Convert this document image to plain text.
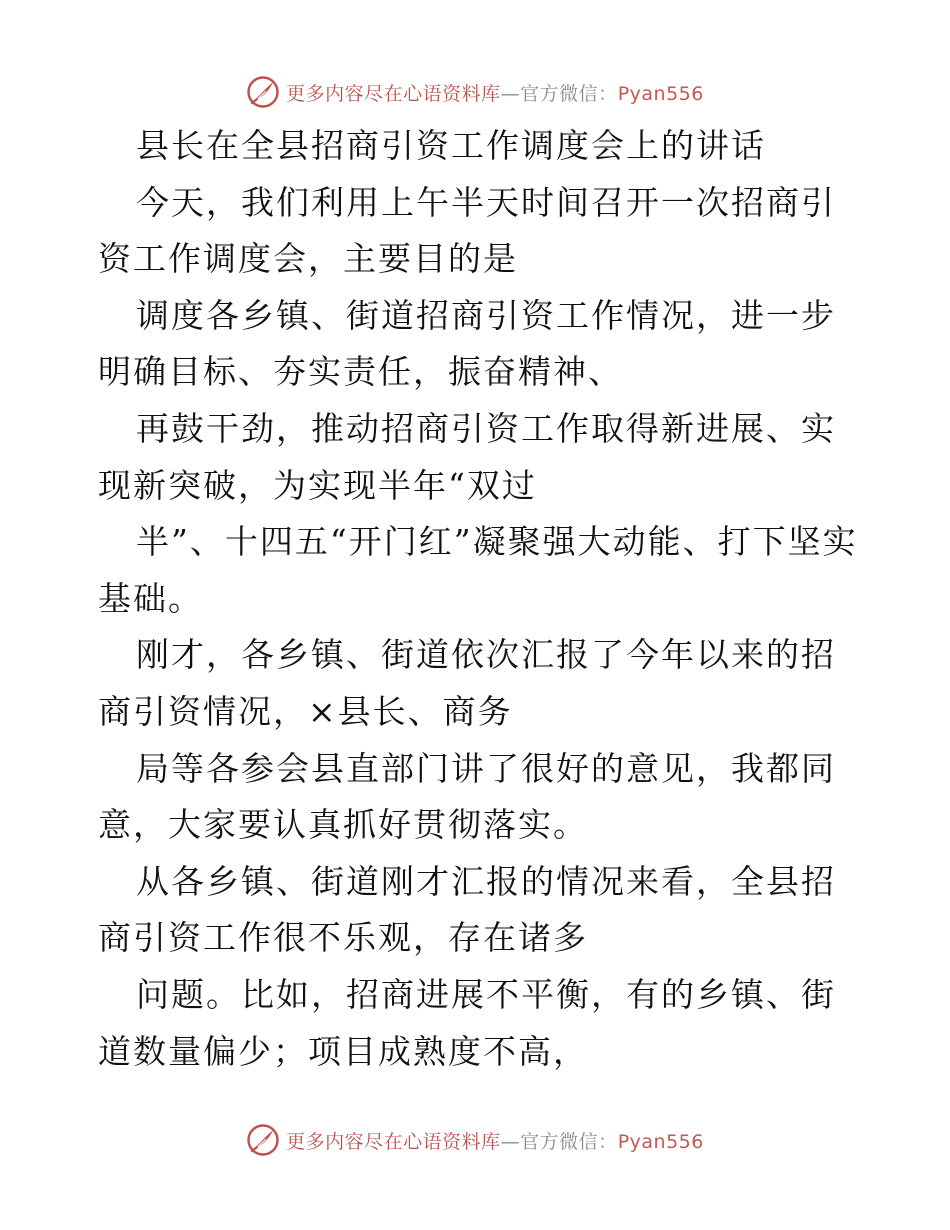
更多内容尽在心语资料库—官方微信：Pyan556

县长在全县招商引资工作调度会上的讲话

今天，我们利用上午半天时间召开一次招商引资工作调度会，主要目的是

调度各乡镇、街道招商引资工作情况，进一步明确目标、夯实责任，振奋精神、

再鼓干劲，推动招商引资工作取得新进展、实现新突破，为实现半年“双过

半”、十四五“开门红”凝聚强大动能、打下坚实基础。

刚才，各乡镇、街道依次汇报了今年以来的招商引资情况，×县长、商务

局等各参会县直部门讲了很好的意见，我都同意，大家要认真抓好贯彻落实。

从各乡镇、街道刚才汇报的情况来看，全县招商引资工作很不乐观，存在诸多

问题。比如，招商进展不平衡，有的乡镇、街道数量偏少；项目成熟度不高，

更多内容尽在心语资料库—官方微信：Pyan556
